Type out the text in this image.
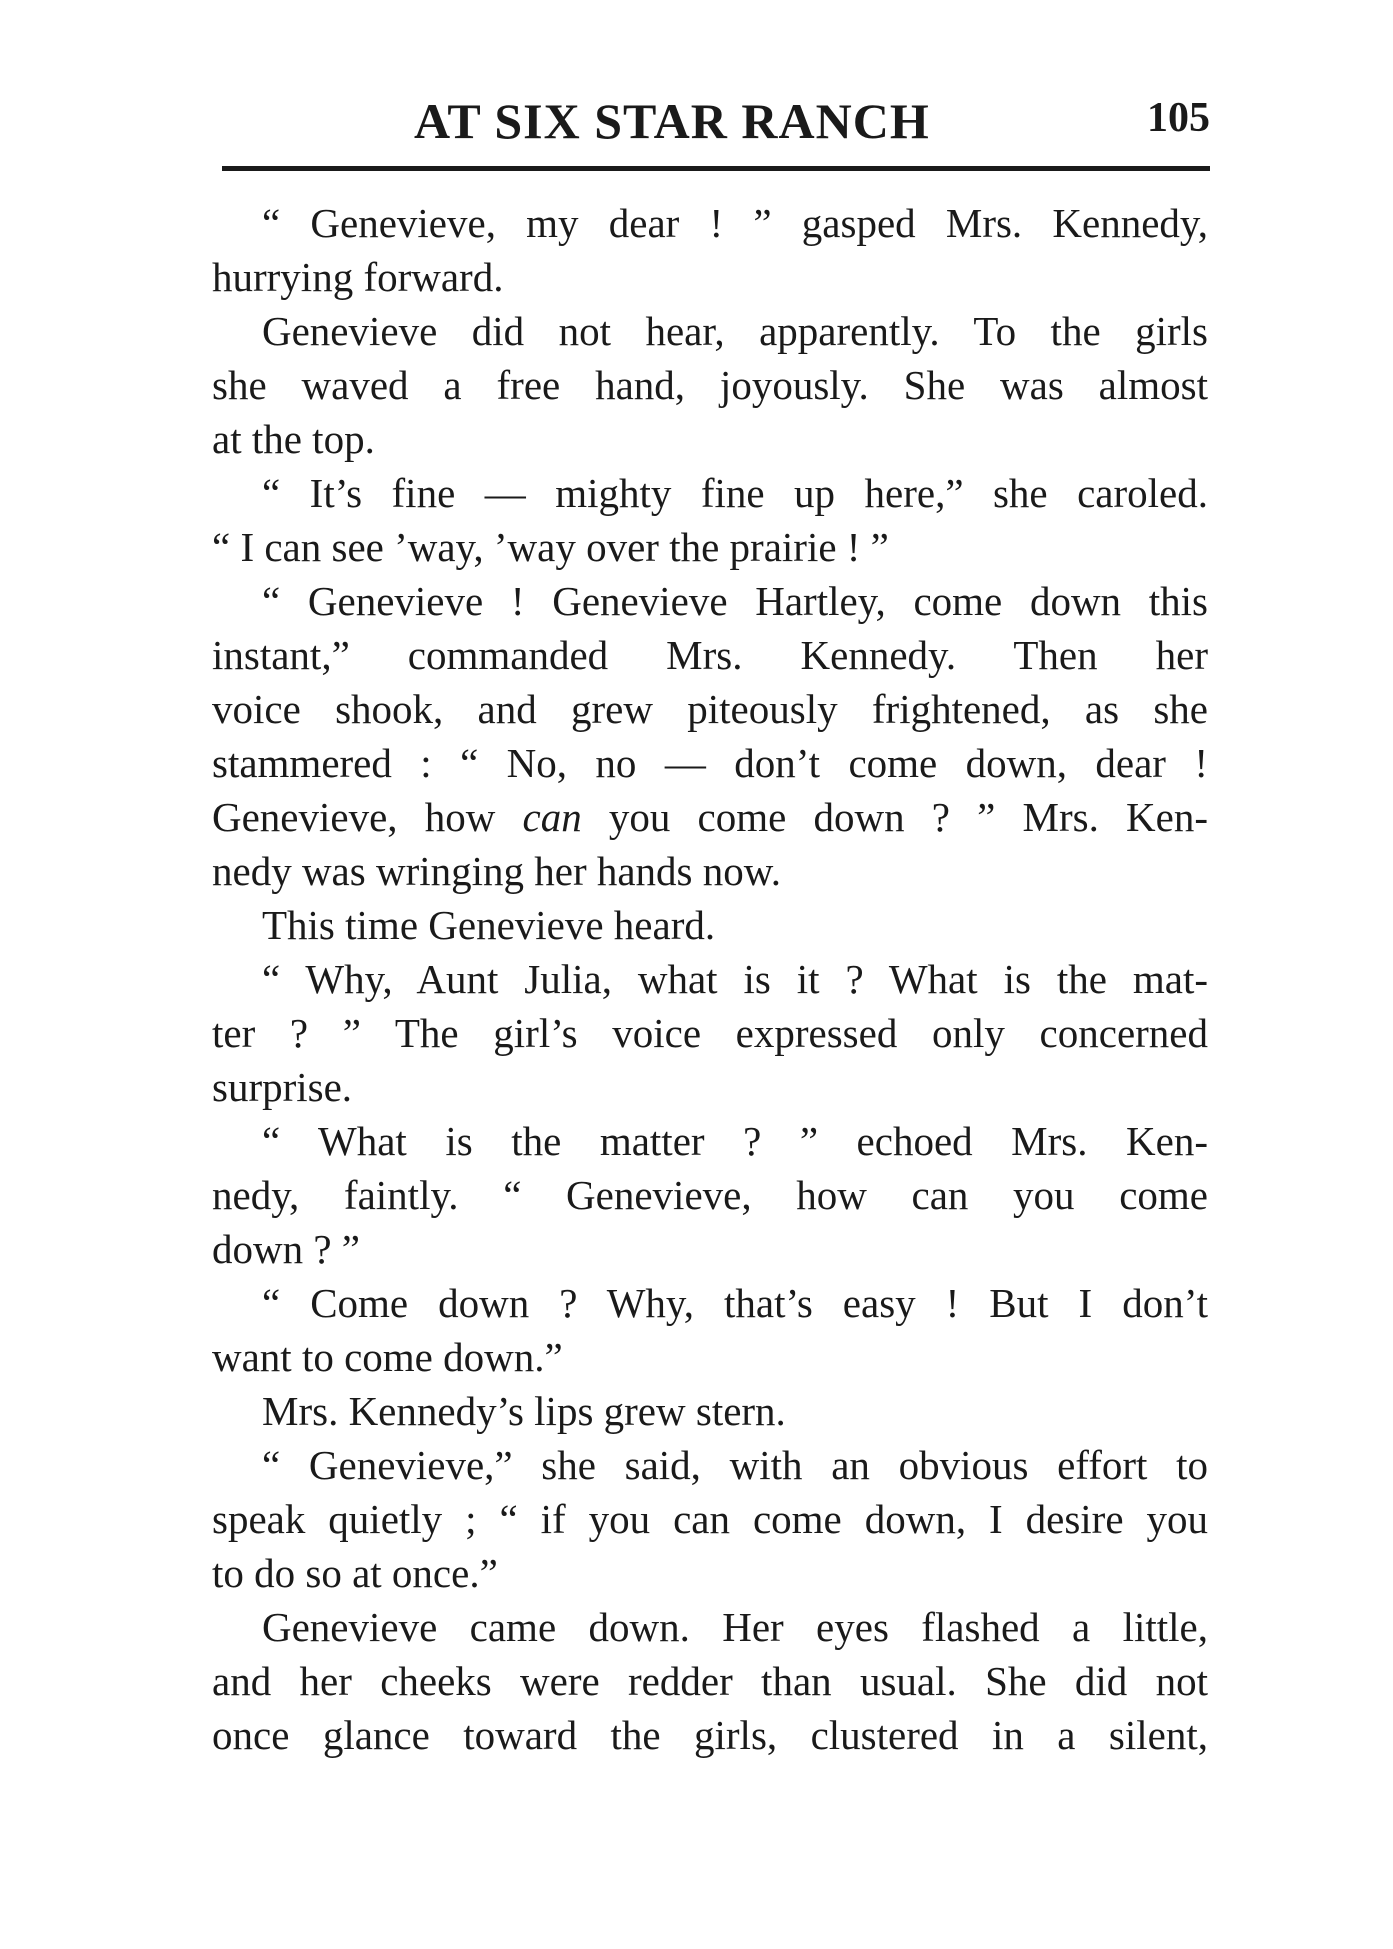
AT SIX STAR RANCH	105
“ Genevieve, my dear ! ” gasped Mrs. Kennedy,
hurrying forward.
Genevieve did not hear, apparently. To the girls
she waved a free hand, joyously. She was almost
at the top.
“ It’s fine — mighty fine up here,” she caroled.
“ I can see ’way, ’way over the prairie ! ”
“ Genevieve ! Genevieve Hartley, come down this
instant,” commanded Mrs. Kennedy. Then her
voice shook, and grew piteously frightened, as she
stammered : “ No, no — don’t come down, dear !
Genevieve, how can you come down ? ” Mrs. Ken-
nedy was wringing her hands now.
This time Genevieve heard.
“ Why, Aunt Julia, what is it ? What is the mat-
ter ? ” The girl’s voice expressed only concerned
surprise.
“ What is the matter ? ” echoed Mrs. Ken-
nedy, faintly. “ Genevieve, how can you come
down ? ”
“ Come down ? Why, that’s easy ! But I don’t
want to come down.”
Mrs. Kennedy’s lips grew stern.
“ Genevieve,” she said, with an obvious effort to
speak quietly ; “ if you can come down, I desire you
to do so at once.”
Genevieve came down. Her eyes flashed a little,
and her cheeks were redder than usual. She did not
once glance toward the girls, clustered in a silent,
